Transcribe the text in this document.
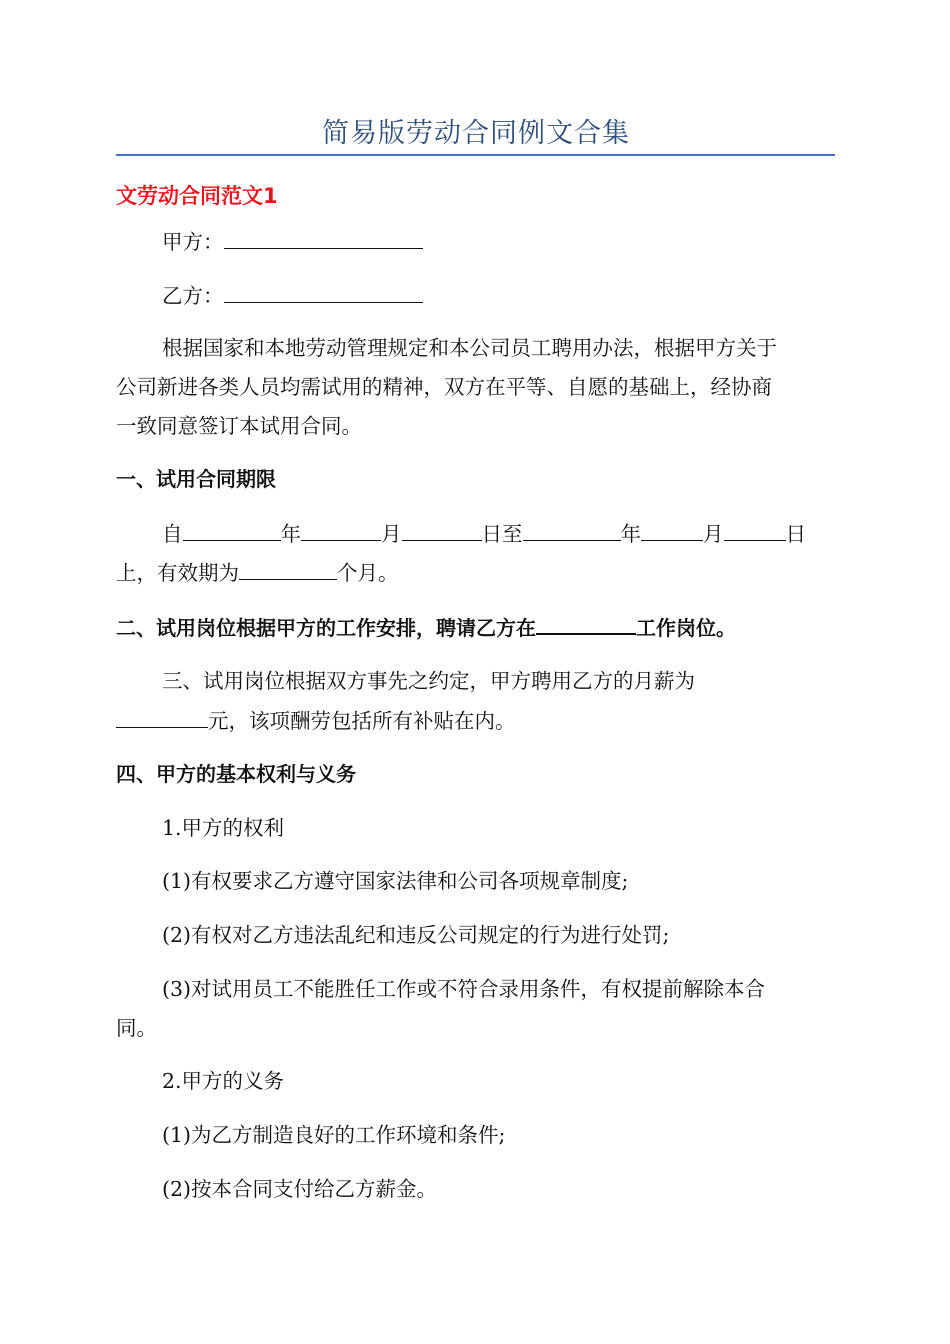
简易版劳动合同例文合集
文劳动合同范文1

甲方：

乙方：

根据国家和本地劳动管理规定和本公司员工聘用办法，根据甲方关于

公司新进各类人员均需试用的精神，双方在平等、自愿的基础上，经协商

一致同意签订本试用合同。

一、试用合同期限

自	年	月	日至	年	月	日

上，有效期为	个月。

二、试用岗位根据甲方的工作安排，聘请乙方在	工作岗位。

三、试用岗位根据双方事先之约定，甲方聘用乙方的月薪为

元，该项酬劳包括所有补贴在内。

四、甲方的基本权利与义务

1.甲方的权利

(1)有权要求乙方遵守国家法律和公司各项规章制度;

(2)有权对乙方违法乱纪和违反公司规定的行为进行处罚;

(3)对试用员工不能胜任工作或不符合录用条件，有权提前解除本合

同。

2.甲方的义务

(1)为乙方制造良好的工作环境和条件;

(2)按本合同支付给乙方薪金。
